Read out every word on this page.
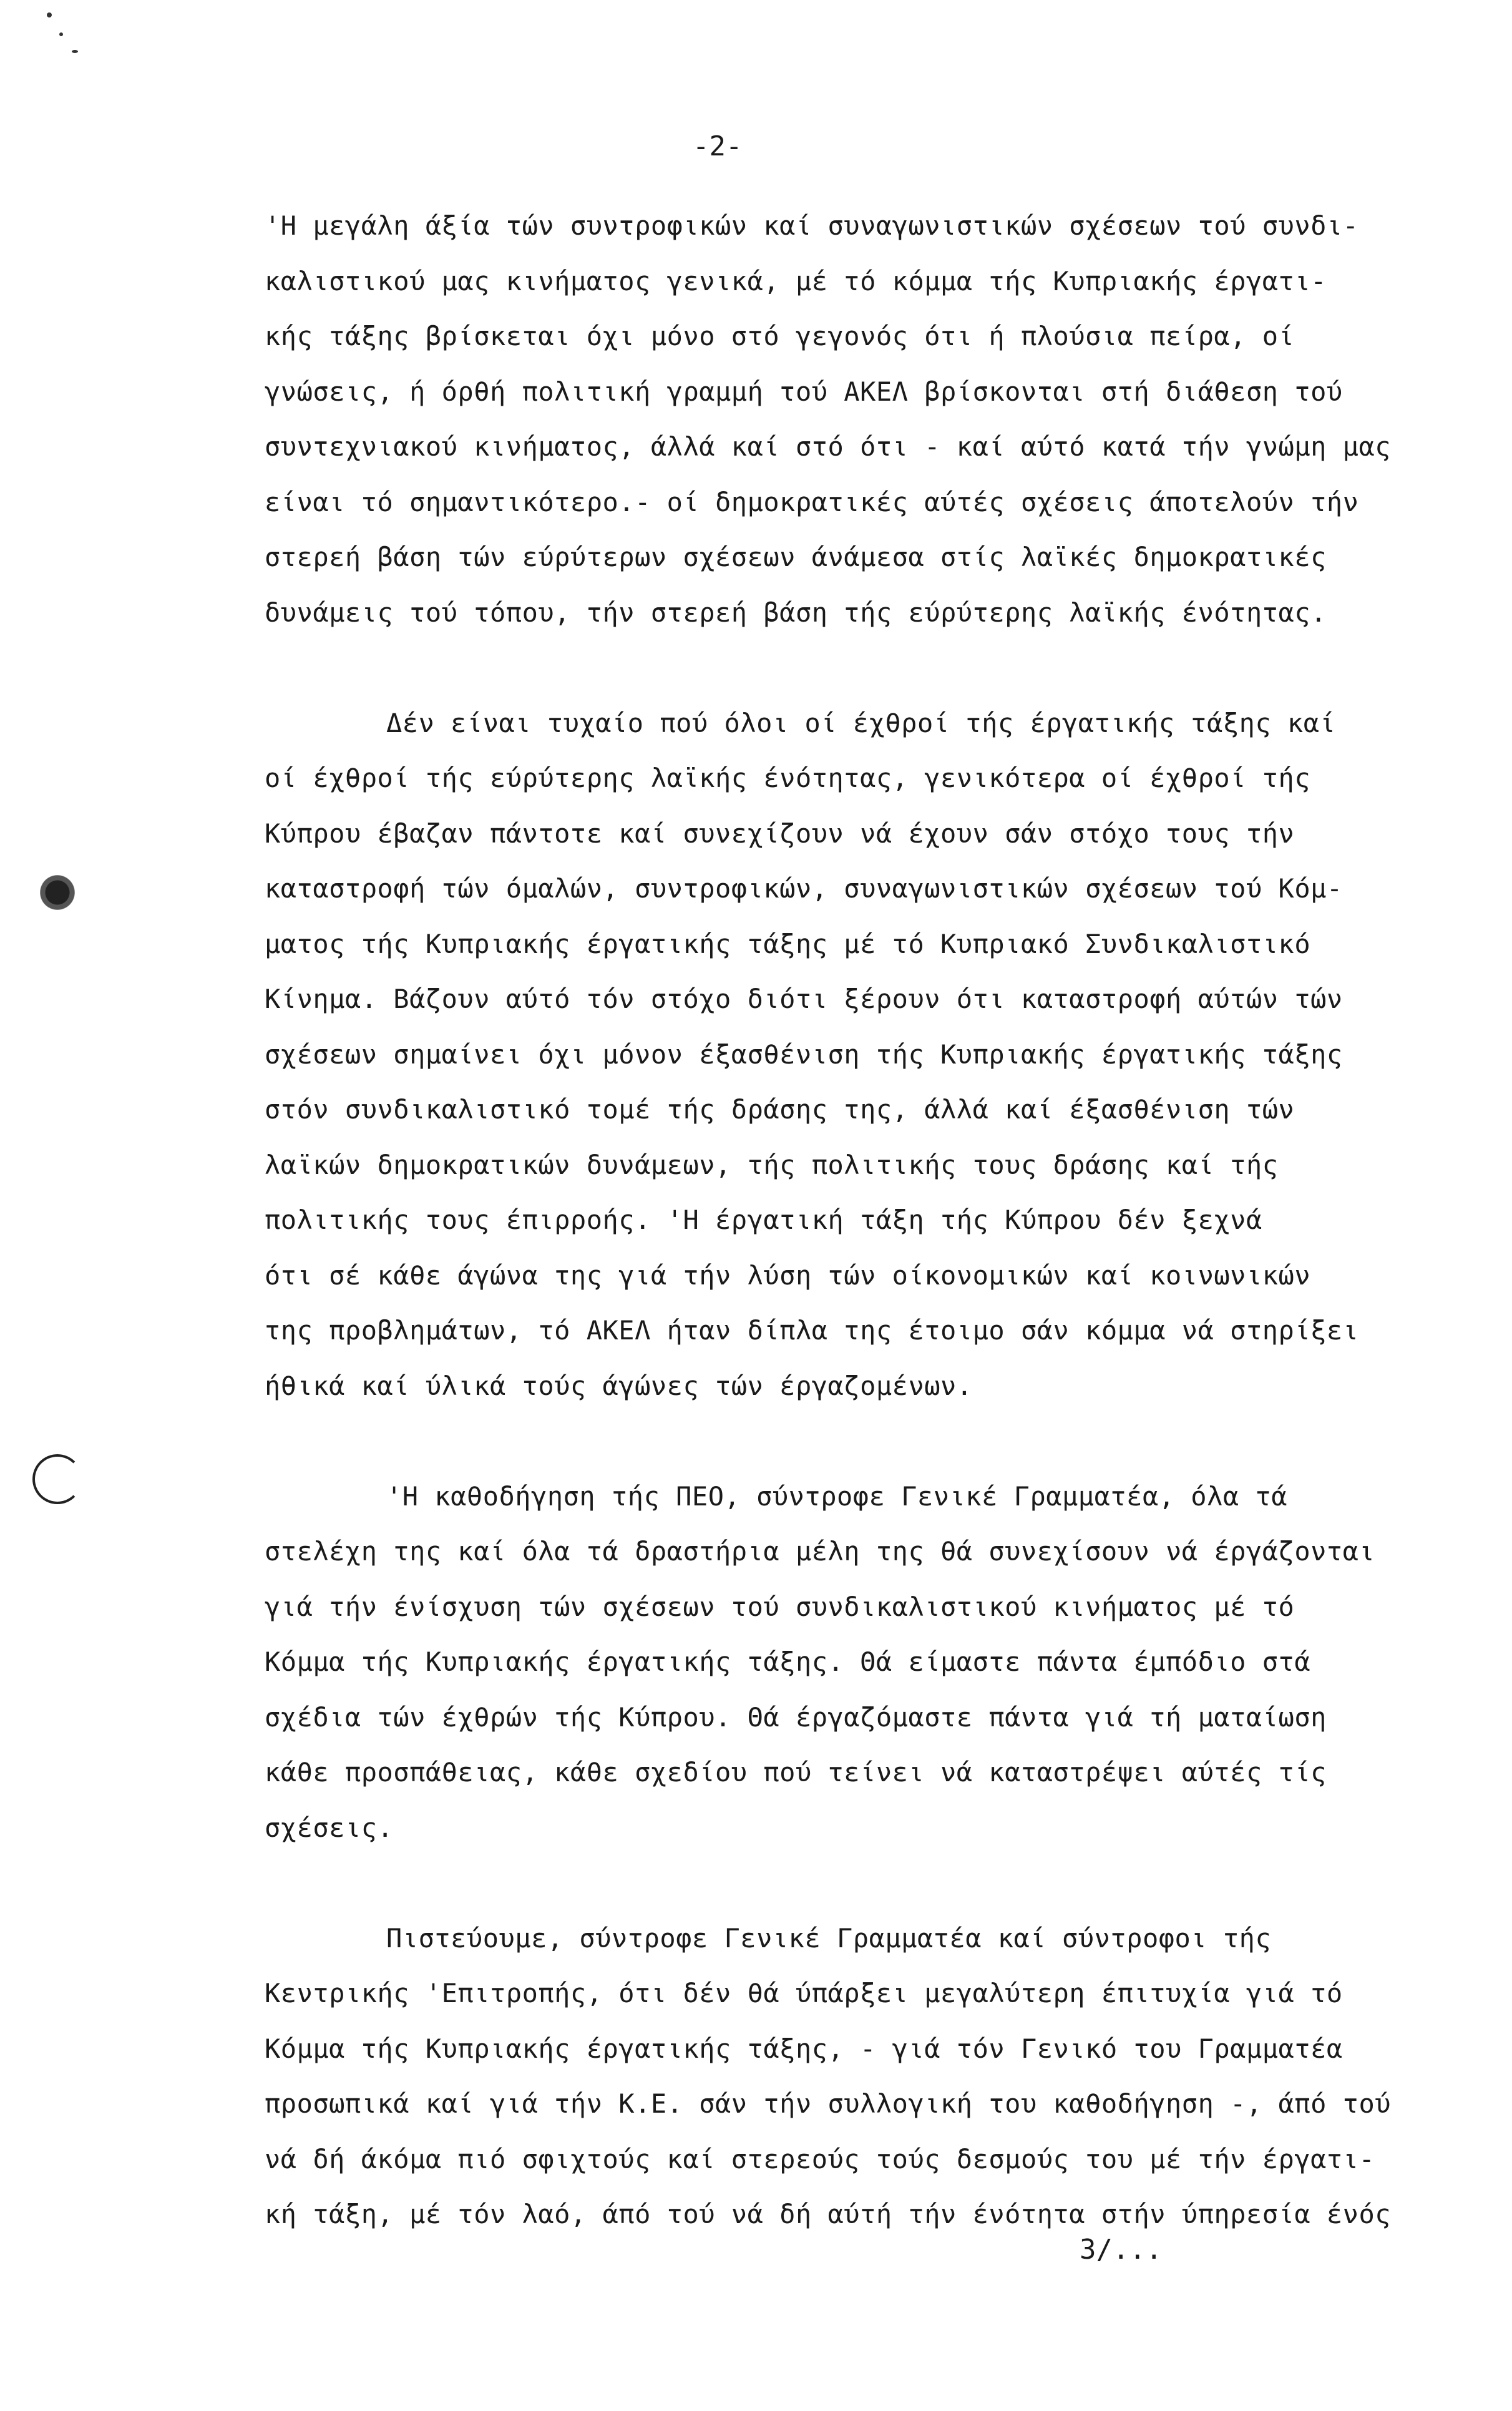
-2-
'Η μεγάλη άξία τών συντροφικών καί συναγωνιστικών σχέσεων τού συνδι-
καλιστικού μας κινήματος γενικά, μέ τό κόμμα τής Κυπριακής έργατι-
κής τάξης βρίσκεται όχι μόνο στό γεγονός ότι ή πλούσια πείρα, οί
γνώσεις, ή όρθή πολιτική γραμμή τού ΑΚΕΛ βρίσκονται στή διάθεση τού
συντεχνιακού κινήματος, άλλά καί στό ότι - καί αύτό κατά τήν γνώμη μας
είναι τό σημαντικότερο.- οί δημοκρατικές αύτές σχέσεις άποτελούν τήν
στερεή βάση τών εύρύτερων σχέσεων άνάμεσα στίς λαϊκές δημοκρατικές
δυνάμεις τού τόπου, τήν στερεή βάση τής εύρύτερης λαϊκής ένότητας.
Δέν είναι τυχαίο πού όλοι οί έχθροί τής έργατικής τάξης καί
οί έχθροί τής εύρύτερης λαϊκής ένότητας, γενικότερα οί έχθροί τής
Κύπρου έβαζαν πάντοτε καί συνεχίζουν νά έχουν σάν στόχο τους τήν
καταστροφή τών όμαλών, συντροφικών, συναγωνιστικών σχέσεων τού Κόμ-
ματος τής Κυπριακής έργατικής τάξης μέ τό Κυπριακό Συνδικαλιστικό
Κίνημα. Βάζουν αύτό τόν στόχο διότι ξέρουν ότι καταστροφή αύτών τών
σχέσεων σημαίνει όχι μόνον έξασθένιση τής Κυπριακής έργατικής τάξης
στόν συνδικαλιστικό τομέ τής δράσης της, άλλά καί έξασθένιση τών
λαϊκών δημοκρατικών δυνάμεων, τής πολιτικής τους δράσης καί τής
πολιτικής τους έπιρροής. 'Η έργατική τάξη τής Κύπρου δέν ξεχνά
ότι σέ κάθε άγώνα της γιά τήν λύση τών οίκονομικών καί κοινωνικών
της προβλημάτων, τό ΑΚΕΛ ήταν δίπλα της έτοιμο σάν κόμμα νά στηρίξει
ήθικά καί ύλικά τούς άγώνες τών έργαζομένων.
'Η καθοδήγηση τής ΠΕΟ, σύντροφε Γενικέ Γραμματέα, όλα τά
στελέχη της καί όλα τά δραστήρια μέλη της θά συνεχίσουν νά έργάζονται
γιά τήν ένίσχυση τών σχέσεων τού συνδικαλιστικού κινήματος μέ τό
Κόμμα τής Κυπριακής έργατικής τάξης. Θά είμαστε πάντα έμπόδιο στά
σχέδια τών έχθρών τής Κύπρου. Θά έργαζόμαστε πάντα γιά τή ματαίωση
κάθε προσπάθειας, κάθε σχεδίου πού τείνει νά καταστρέψει αύτές τίς
σχέσεις.
Πιστεύουμε, σύντροφε Γενικέ Γραμματέα καί σύντροφοι τής
Κεντρικής 'Επιτροπής, ότι δέν θά ύπάρξει μεγαλύτερη έπιτυχία γιά τό
Κόμμα τής Κυπριακής έργατικής τάξης, - γιά τόν Γενικό του Γραμματέα
προσωπικά καί γιά τήν Κ.Ε. σάν τήν συλλογική του καθοδήγηση -, άπό τού
νά δή άκόμα πιό σφιχτούς καί στερεούς τούς δεσμούς του μέ τήν έργατι-
κή τάξη, μέ τόν λαό, άπό τού νά δή αύτή τήν ένότητα στήν ύπηρεσία ένός
3/...
